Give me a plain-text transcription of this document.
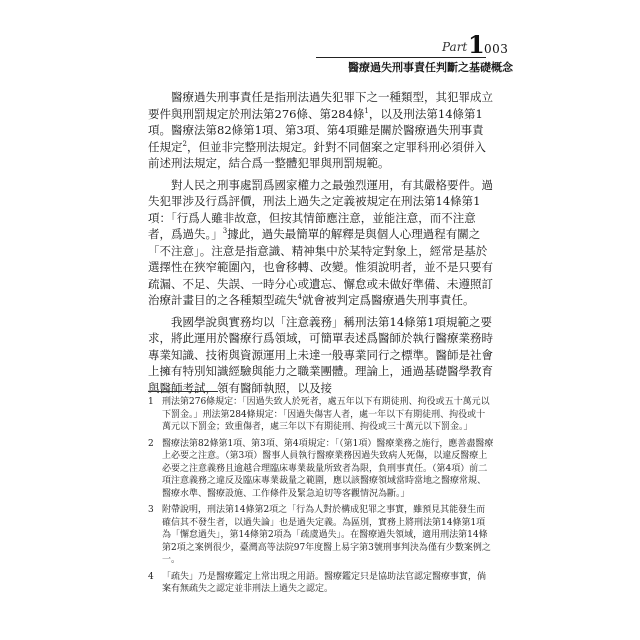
Part 1 003
醫療過失刑事責任判斷之基礎概念

醫療過失刑事責任是指刑法過失犯罪下之一種類型，其犯罪成立要件與刑罰規定於刑法第276條、第284條$^1$，以及刑法第14條第1項。醫療法第82條第1項、第3項、第4項雖是關於醫療過失刑事責任規定$^2$，但並非完整刑法規定。針對不同個案之定罪科刑必須併入前述刑法規定，結合爲一整體犯罪與刑罰規範。

對人民之刑事處罰爲國家權力之最強烈運用，有其嚴格要件。過失犯罪涉及行爲評價，刑法上過失之定義被規定在刑法第14條第1項：「行爲人雖非故意，但按其情節應注意，並能注意，而不注意者，爲過失。」$^3$據此，過失最簡單的解釋是與個人心理過程有關之「不注意」。注意是指意識、精神集中於某特定對象上，經常是基於選擇性在狹窄範圍內，也會移轉、改變。惟須說明者，並不是只要有疏漏、不足、失誤、一時分心或遺忘、懈怠或未做好準備、未遵照訂治療計畫目的之各種類型疏失$^4$就會被判定爲醫療過失刑事責任。

我國學說與實務均以「注意義務」稱刑法第14條第1項規範之要求，將此運用於醫療行爲領域，可簡單表述爲醫師於執行醫療業務時專業知識、技術與資源運用上未達一般專業同行之標準。醫師是社會上擁有特別知識經驗與能力之職業團體。理論上，通過基礎醫學教育與醫師考試，領有醫師執照，以及接

1 刑法第276條規定：「因過失致人於死者，處五年以下有期徒刑、拘役或五十萬元以下罰金。」刑法第284條規定：「因過失傷害人者，處一年以下有期徒刑、拘役或十萬元以下罰金；致重傷者，處三年以下有期徒刑、拘役或三十萬元以下罰金。」
2 醫療法第82條第1項、第3項、第4項規定：「（第1項）醫療業務之施行，應善盡醫療上必要之注意。（第3項）醫事人員執行醫療業務因過失致病人死傷，以違反醫療上必要之注意義務且逾越合理臨床專業裁量所致者為限，負刑事責任。（第4項）前二項注意義務之違反及臨床專業裁量之範圍，應以該醫療領域當時當地之醫療常規、醫療水準、醫療設施、工作條件及緊急迫切等客觀情況為斷。」
3 附帶說明，刑法第14條第2項之「行為人對於構成犯罪之事實，雖預見其能發生而確信其不發生者，以過失論」也是過失定義。為區別，實務上將刑法第14條第1項為「懈怠過失」，第14條第2項為「疏虞過失」。在醫療過失領域，適用刑法第14條第2項之案例很少，臺灣高等法院97年度醫上易字第3號刑事判決為僅有少數案例之一。
4 「疏失」乃是醫療鑑定上常出現之用語。醫療鑑定只是協助法官認定醫療事實，倘案有無疏失之認定並非刑法上過失之認定。
